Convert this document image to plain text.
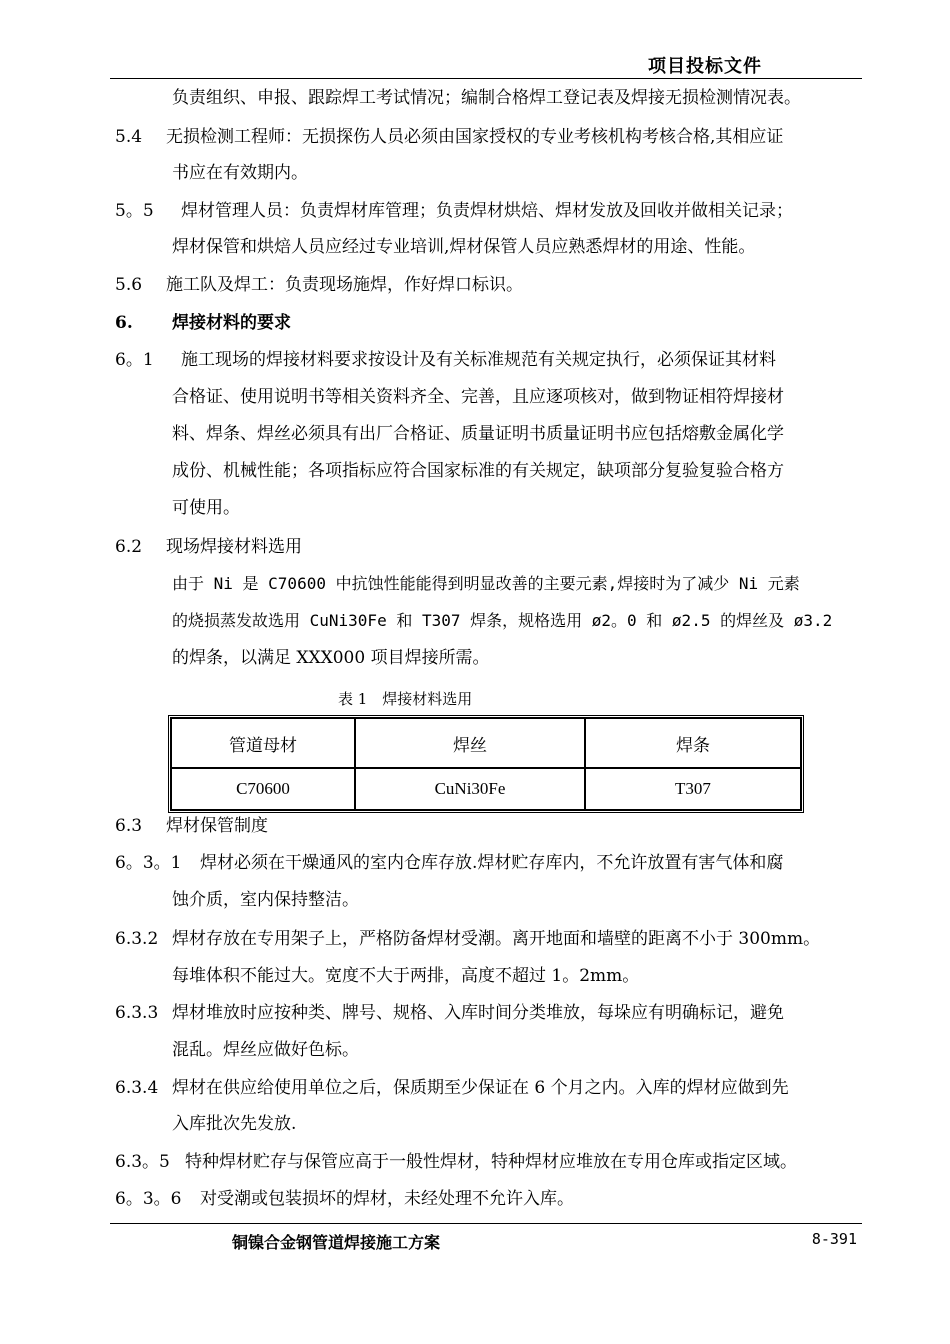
项目投标文件
负责组织、申报、跟踪焊工考试情况；编制合格焊工登记表及焊接无损检测情况表。
5.4 无损检测工程师：无损探伤人员必须由国家授权的专业考核机构考核合格,其相应证
书应在有效期内。
5。5 焊材管理人员：负责焊材库管理；负责焊材烘焙、焊材发放及回收并做相关记录；
焊材保管和烘焙人员应经过专业培训,焊材保管人员应熟悉焊材的用途、性能。
5.6 施工队及焊工：负责现场施焊，作好焊口标识。
6. 焊接材料的要求
6。1 施工现场的焊接材料要求按设计及有关标准规范有关规定执行，必须保证其材料
合格证、使用说明书等相关资料齐全、完善，且应逐项核对，做到物证相符焊接材
料、焊条、焊丝必须具有出厂合格证、质量证明书质量证明书应包括熔敷金属化学
成份、机械性能；各项指标应符合国家标准的有关规定，缺项部分复验复验合格方
可使用。
6.2 现场焊接材料选用
由于 Ni 是 C70600 中抗蚀性能能得到明显改善的主要元素,焊接时为了减少 Ni 元素
的烧损蒸发故选用 CuNi30Fe 和 T307 焊条，规格选用 ø2。0 和 ø2.5 的焊丝及 ø3.2
的焊条，以满足 XXX000 项目焊接所需。
表 1　焊接材料选用
管道母材	焊丝	焊条
C70600	CuNi30Fe	T307
6.3 焊材保管制度
6。3。1 焊材必须在干燥通风的室内仓库存放.焊材贮存库内，不允许放置有害气体和腐
蚀介质，室内保持整洁。
6.3.2 焊材存放在专用架子上，严格防备焊材受潮。离开地面和墙壁的距离不小于 300mm。
每堆体积不能过大。宽度不大于两排，高度不超过 1。2mm。
6.3.3 焊材堆放时应按种类、牌号、规格、入库时间分类堆放，每垛应有明确标记，避免
混乱。焊丝应做好色标。
6.3.4 焊材在供应给使用单位之后，保质期至少保证在 6 个月之内。入库的焊材应做到先
入库批次先发放.
6.3。5 特种焊材贮存与保管应高于一般性焊材，特种焊材应堆放在专用仓库或指定区域。
6。3。6 对受潮或包装损坏的焊材，未经处理不允许入库。
铜镍合金钢管道焊接施工方案	8-391
